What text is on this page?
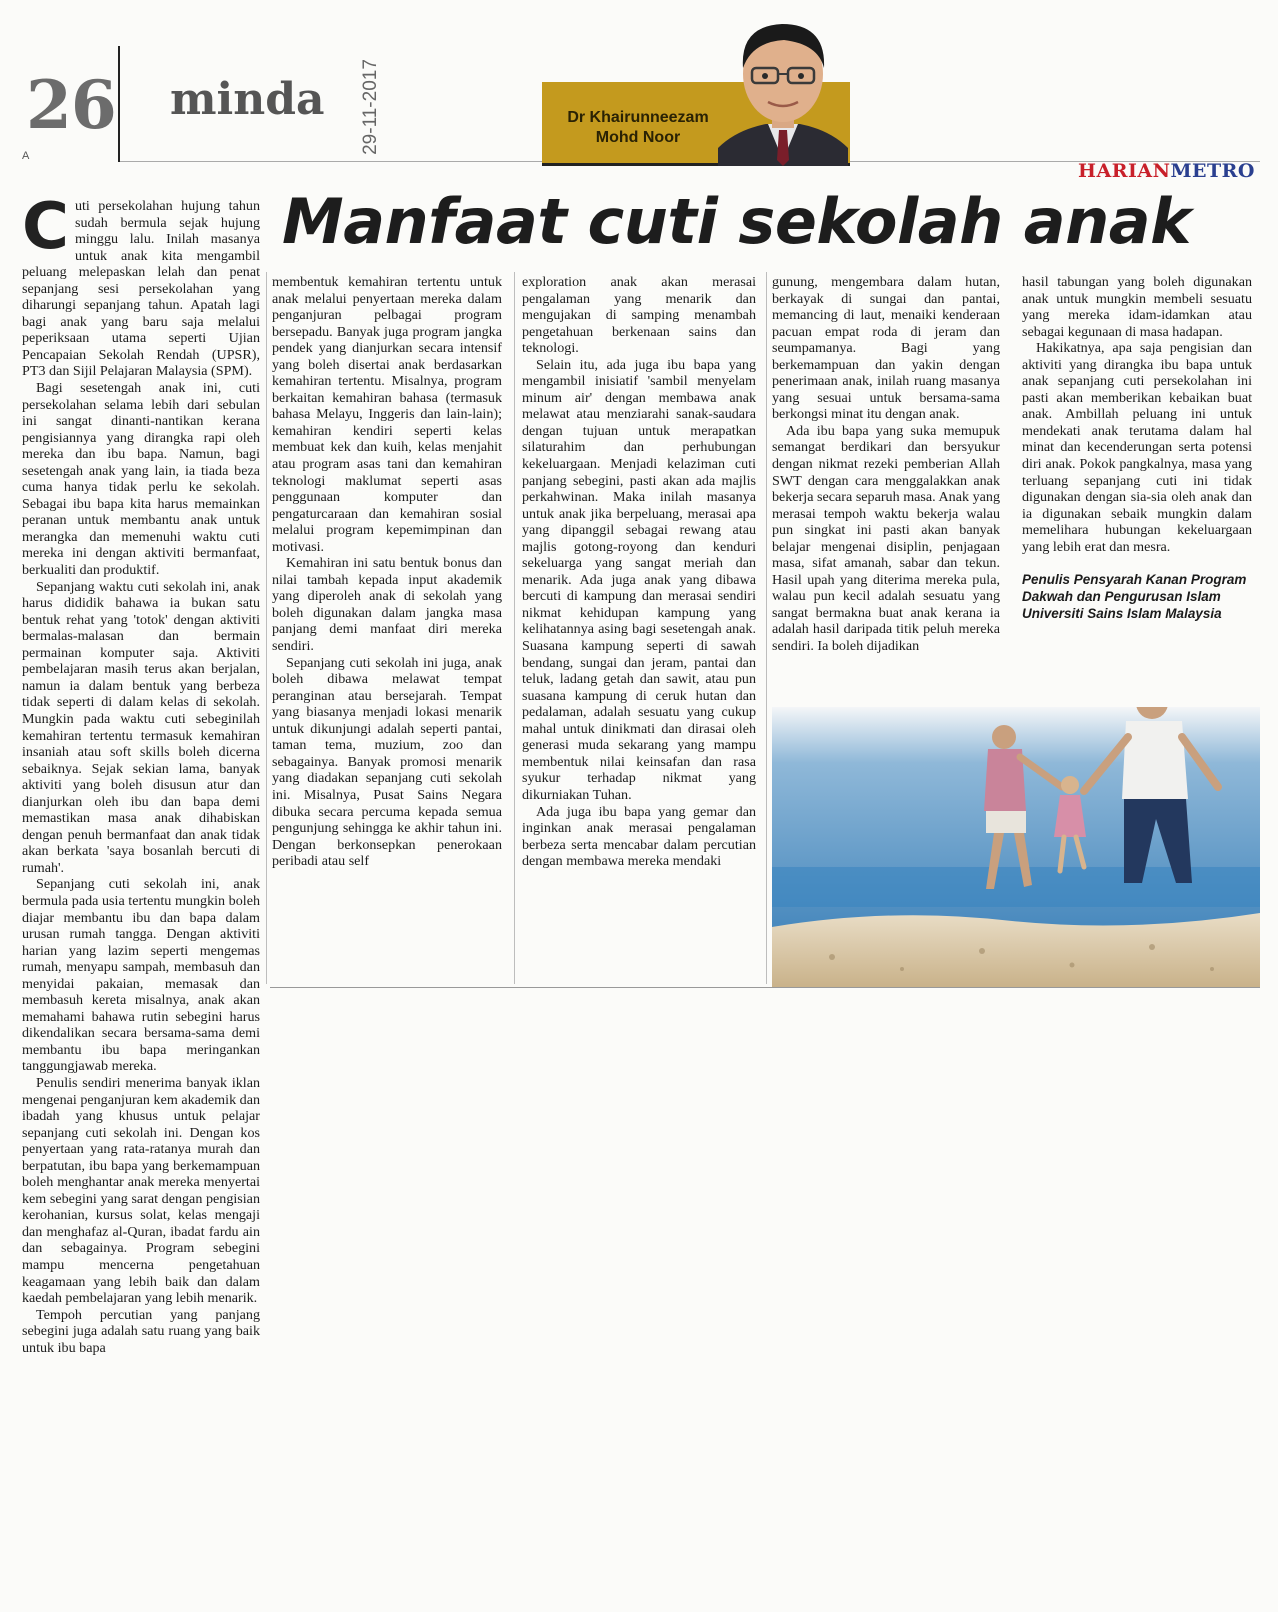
26
A
minda 29-11-2017	Dr Khairunneezam
Mohd Noor
HARIANMETRO
Manfaat cuti sekolah anak

Cuti persekolahan hujung tahun sudah bermula sejak hujung minggu lalu. Inilah masanya untuk anak kita mengambil peluang melepaskan lelah dan penat sepanjang sesi persekolahan yang diharungi sepanjang tahun. Apatah lagi bagi anak yang baru saja melalui peperiksaan utama seperti Ujian Pencapaian Sekolah Rendah (UPSR), PT3 dan Sijil Pelajaran Malaysia (SPM).

Bagi sesetengah anak ini, cuti persekolahan selama lebih dari sebulan ini sangat dinanti-nantikan kerana pengisiannya yang dirangka rapi oleh mereka dan ibu bapa. Namun, bagi sesetengah anak yang lain, ia tiada beza cuma hanya tidak perlu ke sekolah. Sebagai ibu bapa kita harus memainkan peranan untuk membantu anak untuk merangka dan memenuhi waktu cuti mereka ini dengan aktiviti bermanfaat, berkualiti dan produktif.

Sepanjang waktu cuti sekolah ini, anak harus dididik bahawa ia bukan satu bentuk rehat yang 'totok' dengan aktiviti bermalas-malasan dan bermain permainan komputer saja. Aktiviti pembelajaran masih terus akan berjalan, namun ia dalam bentuk yang berbeza tidak seperti di dalam kelas di sekolah. Mungkin pada waktu cuti sebeginilah kemahiran tertentu termasuk kemahiran insaniah atau soft skills boleh dicerna sebaiknya. Sejak sekian lama, banyak aktiviti yang boleh disusun atur dan dianjurkan oleh ibu dan bapa demi memastikan masa anak dihabiskan dengan penuh bermanfaat dan anak tidak akan berkata 'saya bosanlah bercuti di rumah'.

Sepanjang cuti sekolah ini, anak bermula pada usia tertentu mungkin boleh diajar membantu ibu dan bapa dalam urusan rumah tangga. Dengan aktiviti harian yang lazim seperti mengemas rumah, menyapu sampah, membasuh dan menyidai pakaian, memasak dan membasuh kereta misalnya, anak akan memahami bahawa rutin sebegini harus dikendalikan secara bersama-sama demi membantu ibu bapa meringankan tanggungjawab mereka.

Penulis sendiri menerima banyak iklan mengenai penganjuran kem akademik dan ibadah yang khusus untuk pelajar sepanjang cuti sekolah ini. Dengan kos penyertaan yang rata-ratanya murah dan berpatutan, ibu bapa yang berkemampuan boleh menghantar anak mereka menyertai kem sebegini yang sarat dengan pengisian kerohanian, kursus solat, kelas mengaji dan menghafaz al-Quran, ibadat fardu ain dan sebagainya. Program sebegini mampu mencerna pengetahuan keagamaan yang lebih baik dan dalam kaedah pembelajaran yang lebih menarik.

Tempoh percutian yang panjang sebegini juga adalah satu ruang yang baik untuk ibu bapa

membentuk kemahiran tertentu untuk anak melalui penyertaan mereka dalam penganjuran pelbagai program bersepadu. Banyak juga program jangka pendek yang dianjurkan secara intensif yang boleh disertai anak berdasarkan kemahiran tertentu. Misalnya, program berkaitan kemahiran bahasa (termasuk bahasa Melayu, Inggeris dan lain-lain); kemahiran kendiri seperti kelas membuat kek dan kuih, kelas menjahit atau program asas tani dan kemahiran teknologi maklumat seperti asas penggunaan komputer dan pengaturcaraan dan kemahiran sosial melalui program kepemimpinan dan motivasi.

Kemahiran ini satu bentuk bonus dan nilai tambah kepada input akademik yang diperoleh anak di sekolah yang boleh digunakan dalam jangka masa panjang demi manfaat diri mereka sendiri.

Sepanjang cuti sekolah ini juga, anak boleh dibawa melawat tempat peranginan atau bersejarah. Tempat yang biasanya menjadi lokasi menarik untuk dikunjungi adalah seperti pantai, taman tema, muzium, zoo dan sebagainya. Banyak promosi menarik yang diadakan sepanjang cuti sekolah ini. Misalnya, Pusat Sains Negara dibuka secara percuma kepada semua pengunjung sehingga ke akhir tahun ini. Dengan berkonsepkan penerokaan peribadi atau self

exploration anak akan merasai pengalaman yang menarik dan mengujakan di samping menambah pengetahuan berkenaan sains dan teknologi.

Selain itu, ada juga ibu bapa yang mengambil inisiatif 'sambil menyelam minum air' dengan membawa anak melawat atau menziarahi sanak-saudara dengan tujuan untuk merapatkan silaturahim dan perhubungan kekeluargaan. Menjadi kelaziman cuti panjang sebegini, pasti akan ada majlis perkahwinan. Maka inilah masanya untuk anak jika berpeluang, merasai apa yang dipanggil sebagai rewang atau majlis gotong-royong dan kenduri sekeluarga yang sangat meriah dan menarik. Ada juga anak yang dibawa bercuti di kampung dan merasai sendiri nikmat kehidupan kampung yang kelihatannya asing bagi sesetengah anak. Suasana kampung seperti di sawah bendang, sungai dan jeram, pantai dan teluk, ladang getah dan sawit, atau pun suasana kampung di ceruk hutan dan pedalaman, adalah sesuatu yang cukup mahal untuk dinikmati dan dirasai oleh generasi muda sekarang yang mampu membentuk nilai keinsafan dan rasa syukur terhadap nikmat yang dikurniakan Tuhan.

Ada juga ibu bapa yang gemar dan inginkan anak merasai pengalaman berbeza serta mencabar dalam percutian dengan membawa mereka mendaki

gunung, mengembara dalam hutan, berkayak di sungai dan pantai, memancing di laut, menaiki kenderaan pacuan empat roda di jeram dan seumpamanya. Bagi yang berkemampuan dan yakin dengan penerimaan anak, inilah ruang masanya yang sesuai untuk bersama-sama berkongsi minat itu dengan anak.

Ada ibu bapa yang suka memupuk semangat berdikari dan bersyukur dengan nikmat rezeki pemberian Allah SWT dengan cara menggalakkan anak bekerja secara separuh masa. Anak yang merasai tempoh waktu bekerja walau pun singkat ini pasti akan banyak belajar mengenai disiplin, penjagaan masa, sifat amanah, sabar dan tekun. Hasil upah yang diterima mereka pula, walau pun kecil adalah sesuatu yang sangat bermakna buat anak kerana ia adalah hasil daripada titik peluh mereka sendiri. Ia boleh dijadikan

hasil tabungan yang boleh digunakan anak untuk mungkin membeli sesuatu yang mereka idam-idamkan atau sebagai kegunaan di masa hadapan.

Hakikatnya, apa saja pengisian dan aktiviti yang dirangka ibu bapa untuk anak sepanjang cuti persekolahan ini pasti akan memberikan kebaikan buat anak. Ambillah peluang ini untuk mendekati anak terutama dalam hal minat dan kecenderungan serta potensi diri anak. Pokok pangkalnya, masa yang terluang sepanjang cuti ini tidak digunakan dengan sia-sia oleh anak dan ia digunakan sebaik mungkin dalam memelihara hubungan kekeluargaan yang lebih erat dan mesra.

Penulis Pensyarah Kanan Program Dakwah dan Pengurusan Islam Universiti Sains Islam Malaysia
